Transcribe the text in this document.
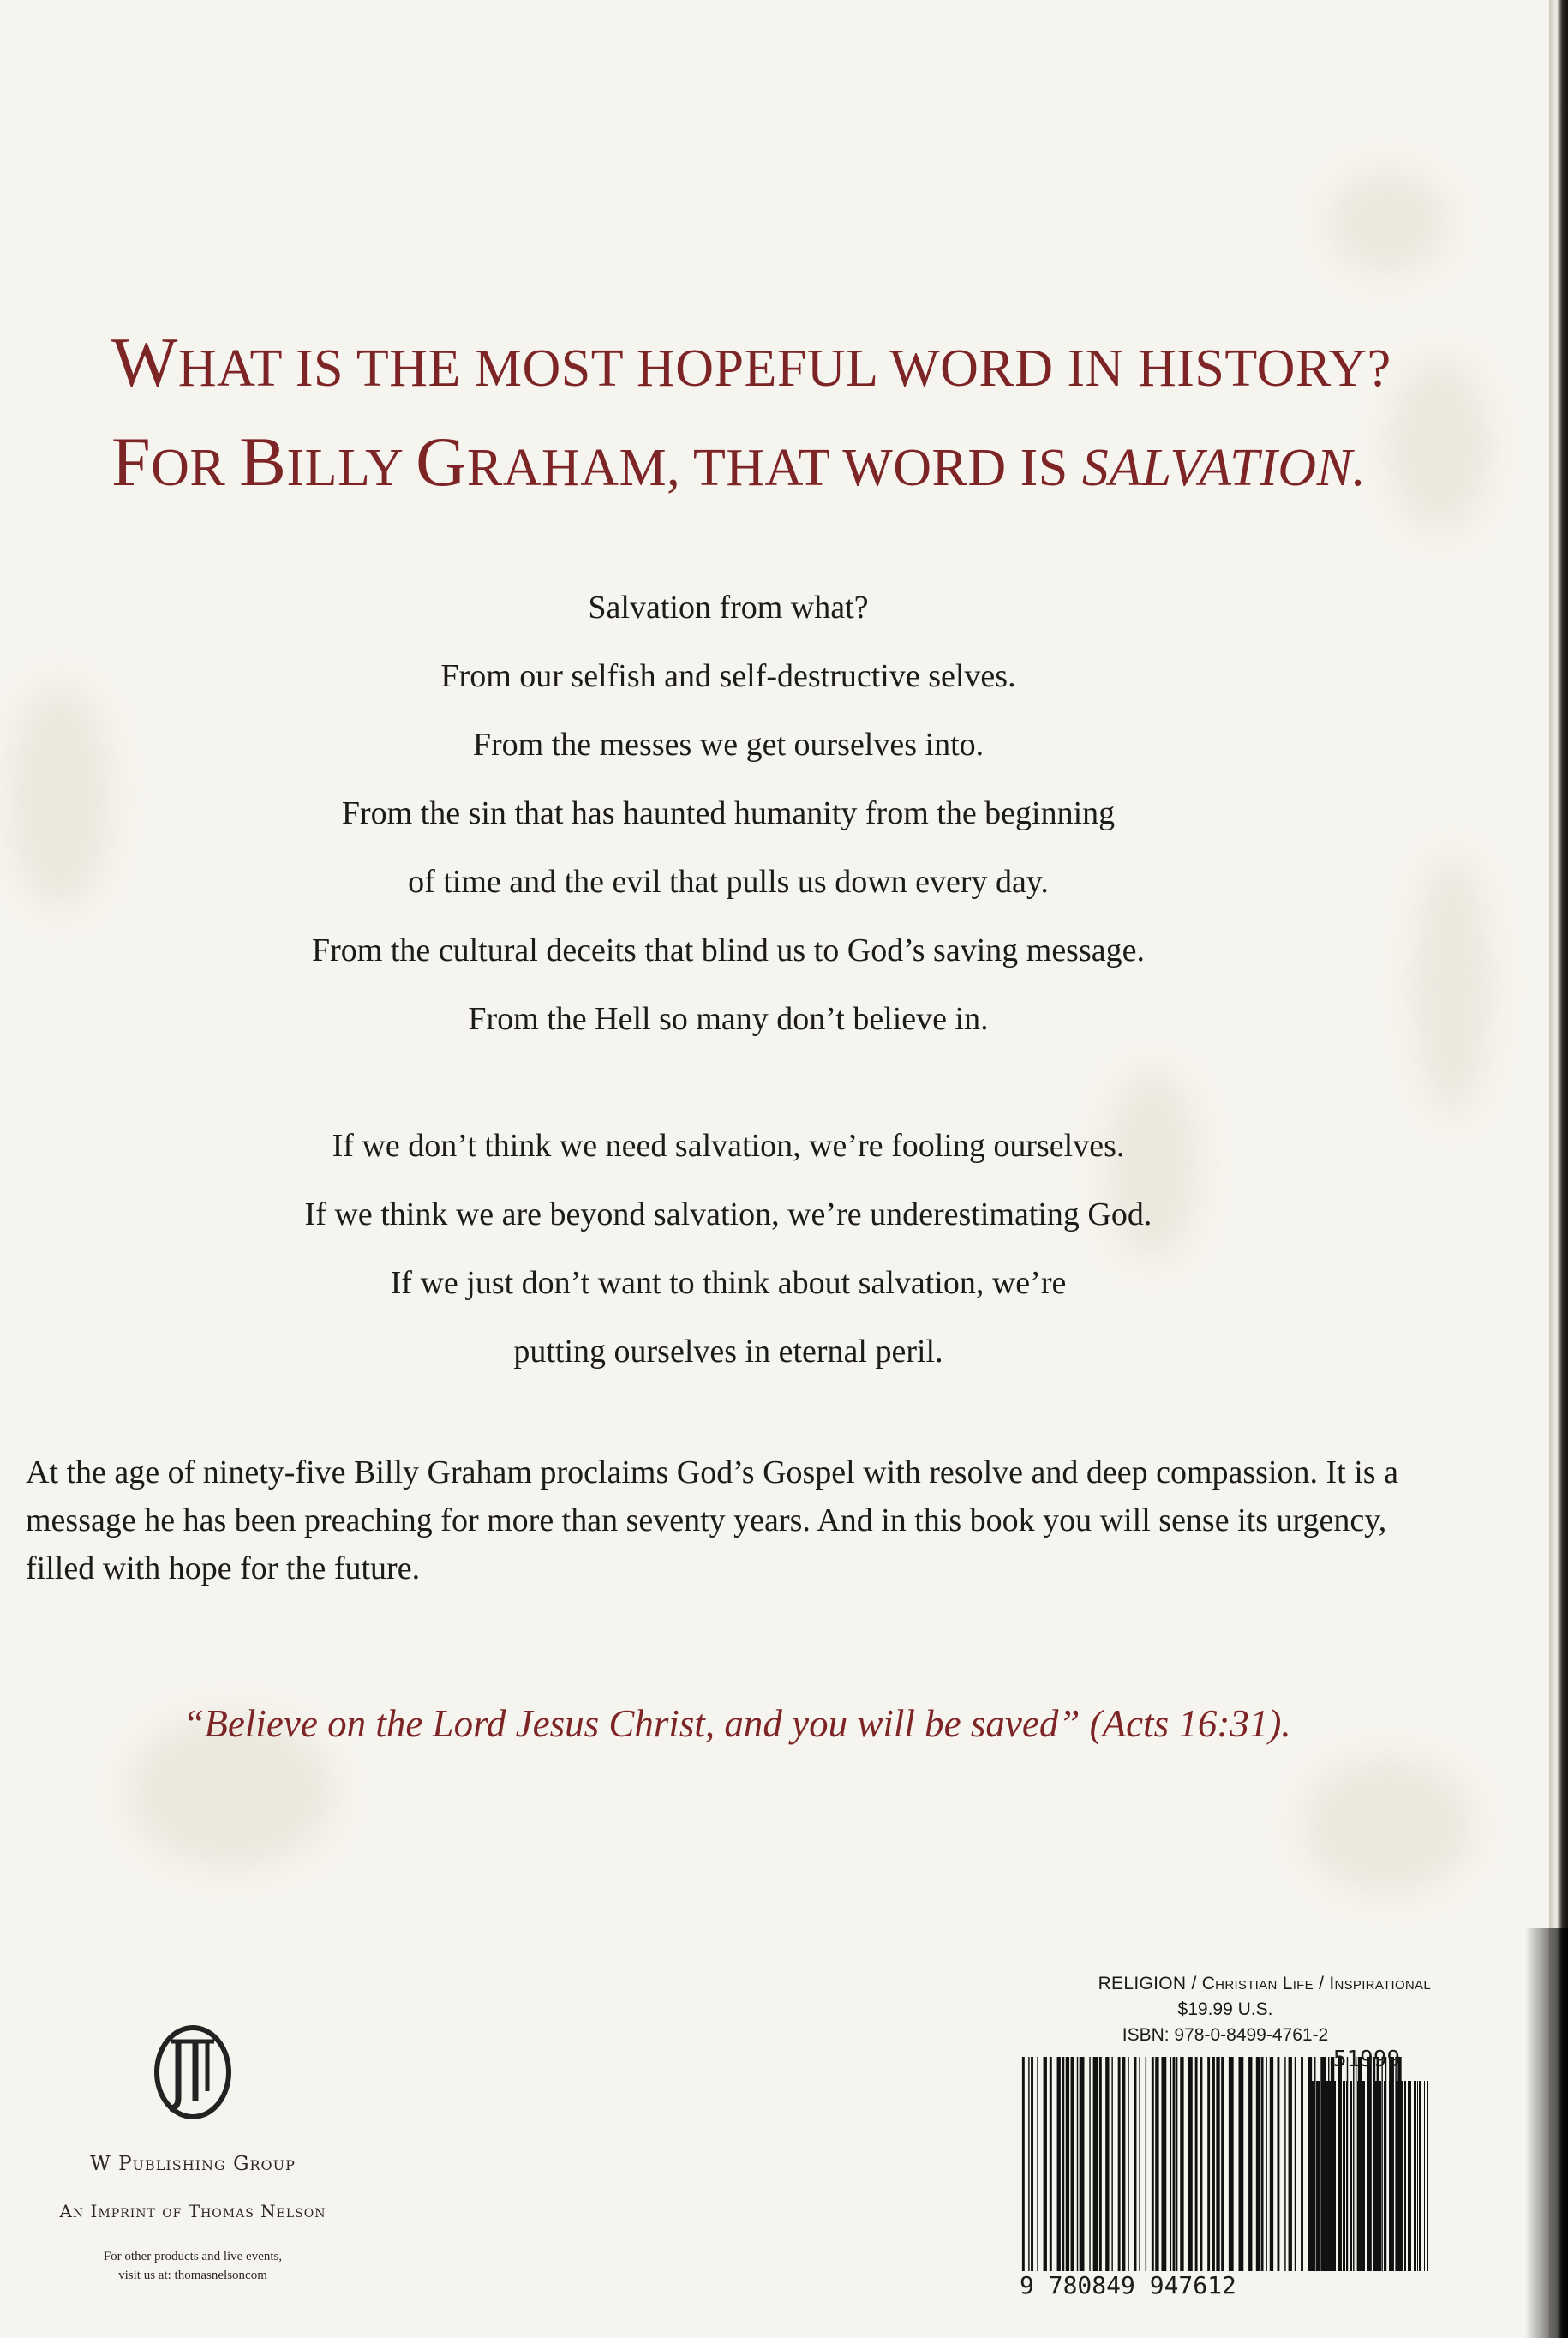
WHAT IS THE MOST HOPEFUL WORD IN HISTORY?
FOR BILLY GRAHAM, THAT WORD IS SALVATION.
Salvation from what?
From our selfish and self-destructive selves.
From the messes we get ourselves into.
From the sin that has haunted humanity from the beginning
of time and the evil that pulls us down every day.
From the cultural deceits that blind us to God’s saving message.
From the Hell so many don’t believe in.
If we don’t think we need salvation, we’re fooling ourselves.
If we think we are beyond salvation, we’re underestimating God.
If we just don’t want to think about salvation, we’re
putting ourselves in eternal peril.
At the age of ninety-five Billy Graham proclaims God’s Gospel with resolve and deep compassion. It is a message he has been preaching for more than seventy years. And in this book you will sense its urgency, filled with hope for the future.
“Believe on the Lord Jesus Christ, and you will be saved” (Acts 16:31).
W Publishing Group
An Imprint of Thomas Nelson
For other products and live events,
visit us at: thomasnelsoncom
RELIGION / Christian Life / Inspirational
$19.99 U.S.
ISBN: 978-0-8499-4761-2
9 780849 947612
51999
